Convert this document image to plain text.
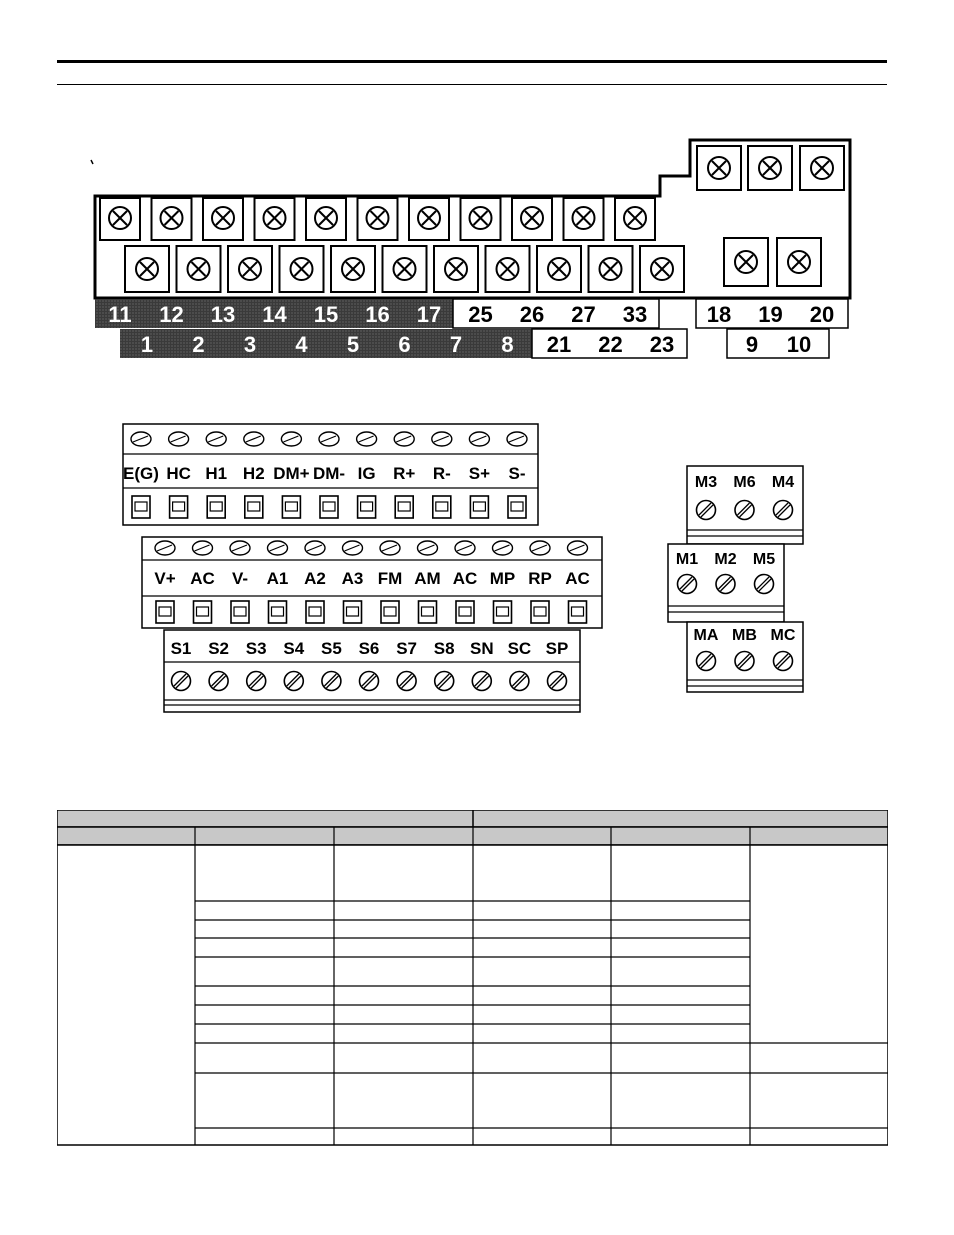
11 12 13 14 15 16 17 25 26 27 33
1 2 3 4 5 6 7 8 21 22 23
18 19 20
9 10
E(G) HC H1 H2 DM+ DM- IG R+ R- S+ S-
V+ AC V- A1 A2 A3 FM AM AC MP RP AC
S1 S2 S3 S4 S5 S6 S7 S8 SN SC SP
M3 M6 M4
M1 M2 M5
MA MB MC
